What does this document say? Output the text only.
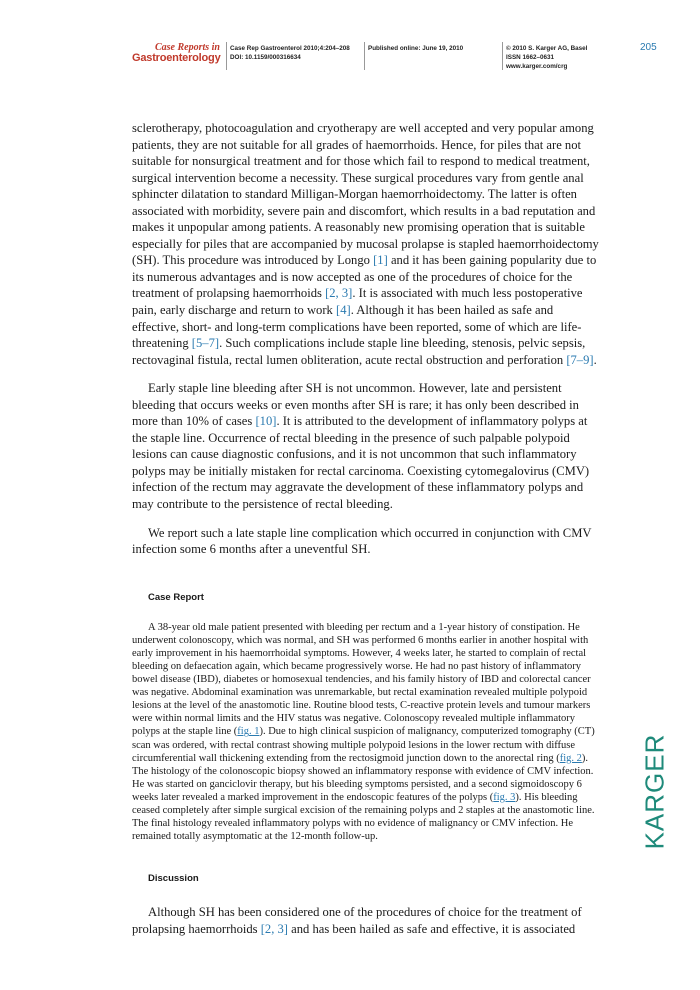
Case Reports in
Gastroenterology
Case Rep Gastroenterol 2010;4:204–208
DOI: 10.1159/000316634
Published online: June 19, 2010	© 2010 S. Karger AG, Basel
ISSN 1662–0631
www.karger.com/crg
205
KARGER

sclerotherapy, photocoagulation and cryotherapy are well accepted and very popular among patients, they are not suitable for all grades of haemorrhoids. Hence, for piles that are not suitable for nonsurgical treatment and for those which fail to respond to medical treatment, surgical intervention become a necessity. These surgical procedures vary from gentle anal sphincter dilatation to standard Milligan-Morgan haemorrhoidectomy. The latter is often associated with morbidity, severe pain and discomfort, which results in a bad reputation and makes it unpopular among patients. A reasonably new promising operation that is suitable especially for piles that are accompanied by mucosal prolapse is stapled haemorrhoidectomy (SH). This procedure was introduced by Longo [1] and it has been gaining popularity due to its numerous advantages and is now accepted as one of the procedures of choice for the treatment of prolapsing haemorrhoids [2, 3]. It is associated with much less postoperative pain, early discharge and return to work [4]. Although it has been hailed as safe and effective, short- and long-term complications have been reported, some of which are life-threatening [5–7]. Such complications include staple line bleeding, stenosis, pelvic sepsis, rectovaginal fistula, rectal lumen obliteration, acute rectal obstruction and perforation [7–9].

Early staple line bleeding after SH is not uncommon. However, late and persistent bleeding that occurs weeks or even months after SH is rare; it has only been described in more than 10% of cases [10]. It is attributed to the development of inflammatory polyps at the staple line. Occurrence of rectal bleeding in the presence of such palpable polypoid lesions can cause diagnostic confusions, and it is not uncommon that such inflammatory polyps may be initially mistaken for rectal carcinoma. Coexisting cytomegalovirus (CMV) infection of the rectum may aggravate the development of these inflammatory polyps and may contribute to the persistence of rectal bleeding.

We report such a late staple line complication which occurred in conjunction with CMV infection some 6 months after a uneventful SH.

Case Report

A 38-year old male patient presented with bleeding per rectum and a 1-year history of constipation. He underwent colonoscopy, which was normal, and SH was performed 6 months earlier in another hospital with early improvement in his haemorrhoidal symptoms. However, 4 weeks later, he started to complain of rectal bleeding on defaecation again, which became progressively worse. He had no past history of inflammatory bowel disease (IBD), diabetes or homosexual tendencies, and his family history of IBD and colorectal cancer was negative. Abdominal examination was unremarkable, but rectal examination revealed multiple polypoid lesions at the level of the anastomotic line. Routine blood tests, C-reactive protein levels and tumour markers were within normal limits and the HIV status was negative. Colonoscopy revealed multiple inflammatory polyps at the staple line (fig. 1). Due to high clinical suspicion of malignancy, computerized tomography (CT) scan was ordered, with rectal contrast showing multiple polypoid lesions in the lower rectum with diffuse circumferential wall thickening extending from the rectosigmoid junction down to the anorectal ring (fig. 2). The histology of the colonoscopic biopsy showed an inflammatory response with evidence of CMV infection. He was started on ganciclovir therapy, but his bleeding symptoms persisted, and a second sigmoidoscopy 6 weeks later revealed a marked improvement in the endoscopic features of the polyps (fig. 3). His bleeding ceased completely after simple surgical excision of the remaining polyps and 2 staples at the anastomotic line. The final histology revealed inflammatory polyps with no evidence of malignancy or CMV infection. He remained totally asymptomatic at the 12-month follow-up.

Discussion

Although SH has been considered one of the procedures of choice for the treatment of prolapsing haemorrhoids [2, 3] and has been hailed as safe and effective, it is associated
